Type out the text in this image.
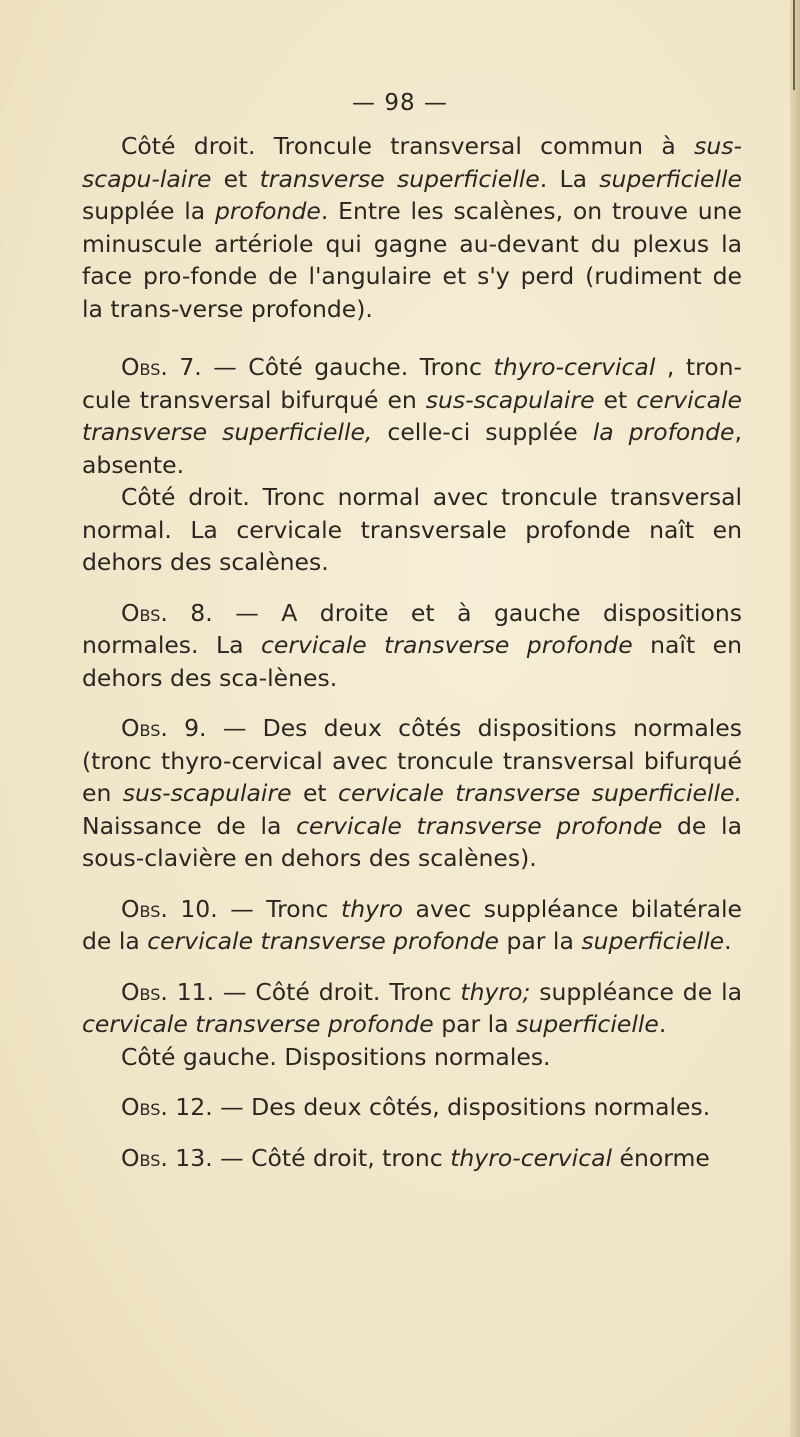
— 98 —

Côté droit. Troncule transversal commun à sus-scapu-laire et transverse superficielle. La superficielle supplée la profonde. Entre les scalènes, on trouve une minuscule artériole qui gagne au-devant du plexus la face pro-fonde de l'angulaire et s'y perd (rudiment de la trans-verse profonde).

Obs. 7. — Côté gauche. Tronc thyro-cervical , tron-cule transversal bifurqué en sus-scapulaire et cervicale transverse superficielle, celle-ci supplée la profonde, absente.

Côté droit. Tronc normal avec troncule transversal normal. La cervicale transversale profonde naît en dehors des scalènes.

Obs. 8. — A droite et à gauche dispositions normales. La cervicale transverse profonde naît en dehors des sca-lènes.

Obs. 9. — Des deux côtés dispositions normales (tronc thyro-cervical avec troncule transversal bifurqué en sus-scapulaire et cervicale transverse superficielle. Naissance de la cervicale transverse profonde de la sous-clavière en dehors des scalènes).

Obs. 10. — Tronc thyro avec suppléance bilatérale de la cervicale transverse profonde par la superficielle.

Obs. 11. — Côté droit. Tronc thyro; suppléance de la cervicale transverse profonde par la superficielle.

Côté gauche. Dispositions normales.

Obs. 12. — Des deux côtés, dispositions normales.

Obs. 13. — Côté droit, tronc thyro-cervical énorme
